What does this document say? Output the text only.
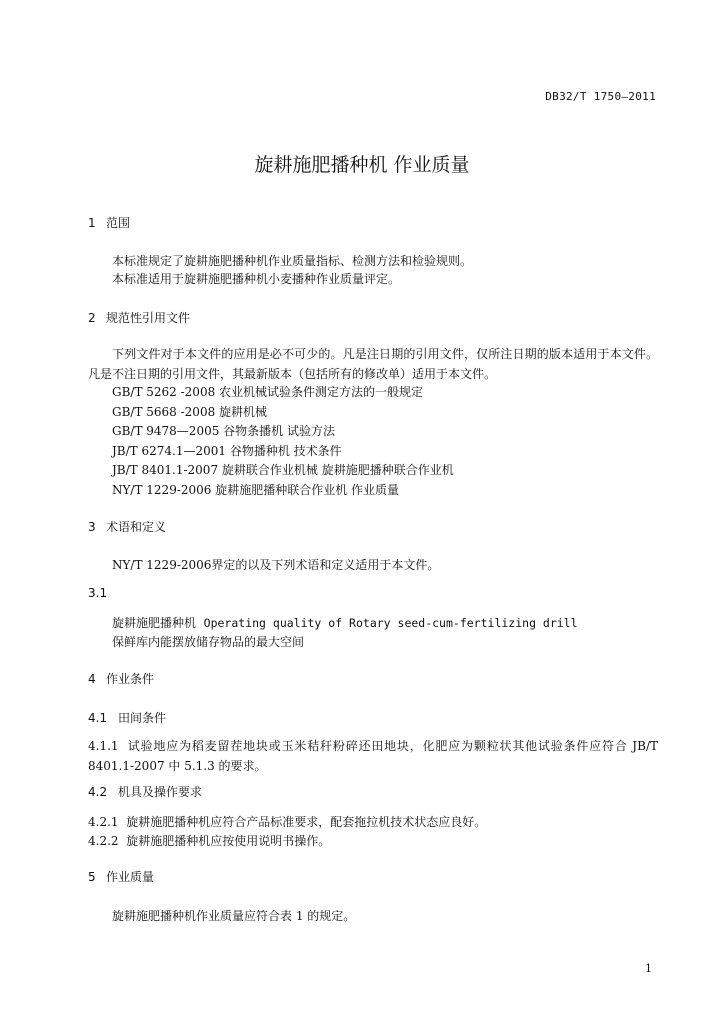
DB32/T 1750—2011
旋耕施肥播种机 作业质量
1 范围
本标准规定了旋耕施肥播种机作业质量指标、检测方法和检验规则。
本标准适用于旋耕施肥播种机小麦播种作业质量评定。
2 规范性引用文件
下列文件对于本文件的应用是必不可少的。凡是注日期的引用文件，仅所注日期的版本适用于本文件。凡是不注日期的引用文件，其最新版本（包括所有的修改单）适用于本文件。
GB/T 5262 -2008 农业机械试验条件测定方法的一般规定
GB/T 5668 -2008 旋耕机械
GB/T 9478—2005 谷物条播机 试验方法
JB/T 6274.1—2001 谷物播种机 技术条件
JB/T 8401.1-2007 旋耕联合作业机械 旋耕施肥播种联合作业机
NY/T 1229-2006 旋耕施肥播种联合作业机 作业质量
3 术语和定义
NY/T 1229-2006界定的以及下列术语和定义适用于本文件。
3.1
旋耕施肥播种机 Operating quality of Rotary seed-cum-fertilizing drill
保鲜库内能摆放储存物品的最大空间
4 作业条件
4.1 田间条件
4.1.1 试验地应为稻麦留茬地块或玉米秸秆粉碎还田地块，化肥应为颗粒状其他试验条件应符合 JB/T 8401.1-2007 中 5.1.3 的要求。
4.2 机具及操作要求
4.2.1 旋耕施肥播种机应符合产品标准要求，配套拖拉机技术状态应良好。
4.2.2 旋耕施肥播种机应按使用说明书操作。
5 作业质量
旋耕施肥播种机作业质量应符合表 1 的规定。
1
